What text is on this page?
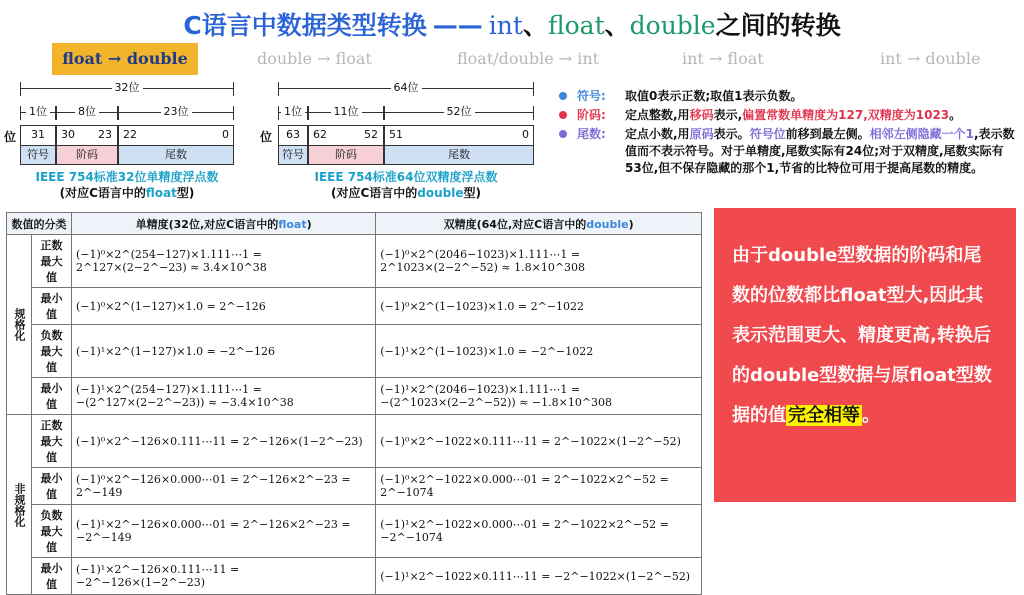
C语言中数据类型转换 —— int、float、double之间的转换
float → double	double → float	float/double → int	int → float	int → double
32位
1位	8位	23位
位	31	30	23	22	0
符号	阶码	尾数
IEEE 754标准32位单精度浮点数
(对应C语言中的float型)
64位
1位	11位	52位
位	63	62	52	51	0
符号	阶码	尾数
IEEE 754标准64位双精度浮点数
(对应C语言中的double型)
符号: 取值0表示正数;取值1表示负数。
阶码: 定点整数,用移码表示,偏置常数单精度为127,双精度为1023。
尾数: 定点小数,用原码表示。符号位前移到最左侧。相邻左侧隐藏一个1,表示数值而不表示符号。对于单精度,尾数实际有24位;对于双精度,尾数实际有53位,但不保存隐藏的那个1,节省的比特位可用于提高尾数的精度。
数值的分类		单精度(32位,对应C语言中的float)	双精度(64位,对应C语言中的double)
规格化	正数
最大值	(−1)⁰×2^(254−127)×1.111⋯1 = 2^127×(2−2^−23) ≈ 3.4×10^38	(−1)⁰×2^(2046−1023)×1.111⋯1 = 2^1023×(2−2^−52) ≈ 1.8×10^308
	最小值	(−1)⁰×2^(1−127)×1.0 = 2^−126	(−1)⁰×2^(1−1023)×1.0 = 2^−1022
	负数
最大值	(−1)¹×2^(1−127)×1.0 = −2^−126	(−1)¹×2^(1−1023)×1.0 = −2^−1022
	最小值	(−1)¹×2^(254−127)×1.111⋯1 = −(2^127×(2−2^−23)) ≈ −3.4×10^38	(−1)¹×2^(2046−1023)×1.111⋯1 = −(2^1023×(2−2^−52)) ≈ −1.8×10^308
非规格化	正数
最大值	(−1)⁰×2^−126×0.111⋯11 = 2^−126×(1−2^−23)	(−1)⁰×2^−1022×0.111⋯11 = 2^−1022×(1−2^−52)
	最小值	(−1)⁰×2^−126×0.000⋯01 = 2^−126×2^−23 = 2^−149	(−1)⁰×2^−1022×0.000⋯01 = 2^−1022×2^−52 = 2^−1074
	负数
最大值	(−1)¹×2^−126×0.000⋯01 = 2^−126×2^−23 = −2^−149	(−1)¹×2^−1022×0.000⋯01 = 2^−1022×2^−52 = −2^−1074
	最小值	(−1)¹×2^−126×0.111⋯11 = −2^−126×(1−2^−23)	(−1)¹×2^−1022×0.111⋯11 = −2^−1022×(1−2^−52)
由于double型数据的阶码和尾数的位数都比float型大,因此其表示范围更大、精度更高,转换后的double型数据与原float型数据的值 完全相等 。
